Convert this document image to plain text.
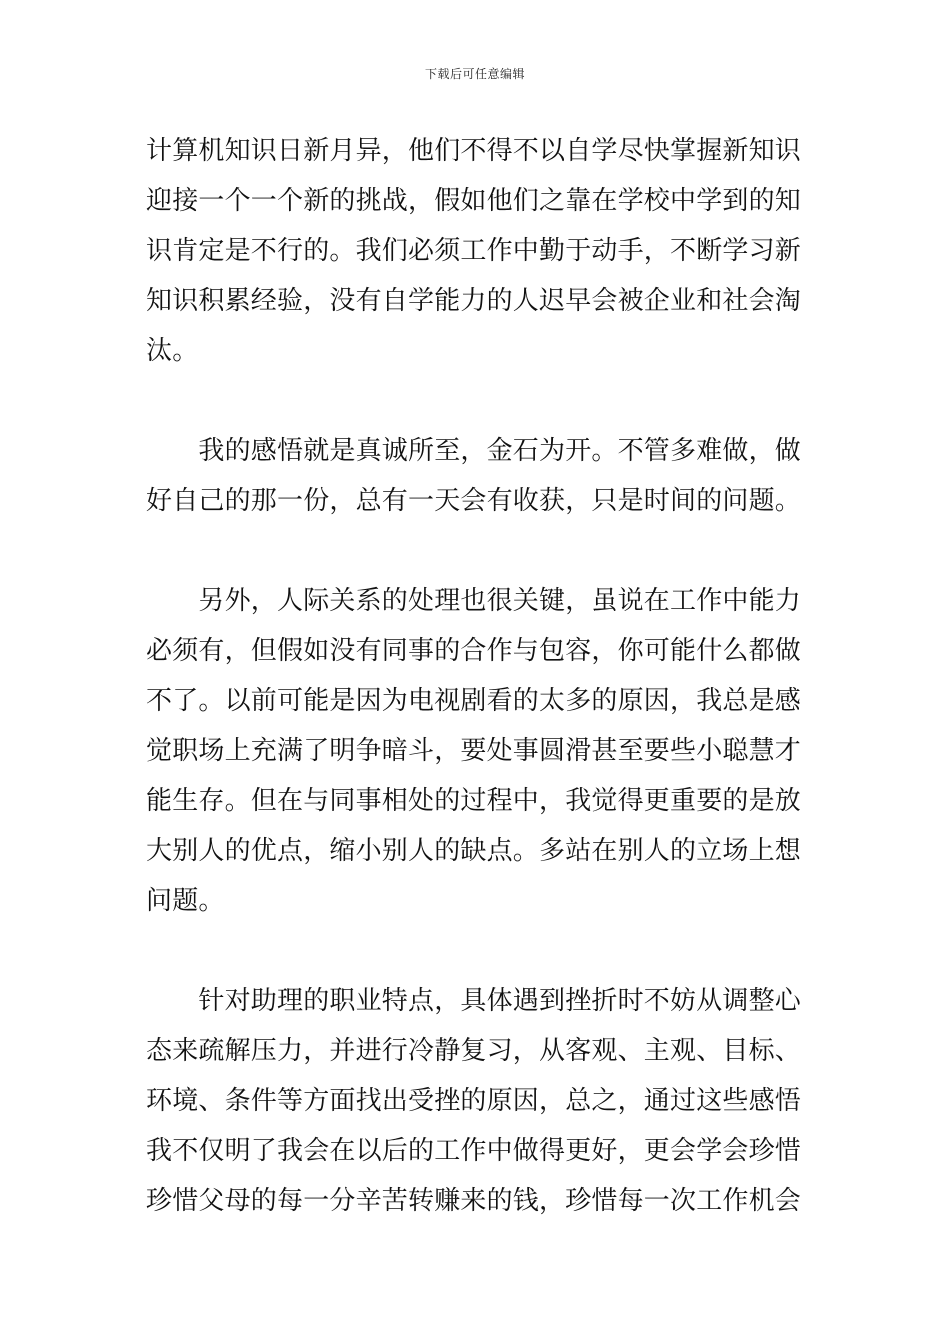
下载后可任意编辑
计算机知识日新月异，他们不得不以自学尽快掌握新知识
迎接一个一个新的挑战，假如他们之靠在学校中学到的知
识肯定是不行的。我们必须工作中勤于动手，不断学习新
知识积累经验，没有自学能力的人迟早会被企业和社会淘
汰。
　　我的感悟就是真诚所至，金石为开。不管多难做，做
好自己的那一份，总有一天会有收获，只是时间的问题。
　　另外，人际关系的处理也很关键，虽说在工作中能力
必须有，但假如没有同事的合作与包容，你可能什么都做
不了。以前可能是因为电视剧看的太多的原因，我总是感
觉职场上充满了明争暗斗，要处事圆滑甚至要些小聪慧才
能生存。但在与同事相处的过程中，我觉得更重要的是放
大别人的优点，缩小别人的缺点。多站在别人的立场上想
问题。
　　针对助理的职业特点，具体遇到挫折时不妨从调整心
态来疏解压力，并进行冷静复习，从客观、主观、目标、
环境、条件等方面找出受挫的原因，总之，通过这些感悟
我不仅明了我会在以后的工作中做得更好，更会学会珍惜
珍惜父母的每一分辛苦转赚来的钱，珍惜每一次工作机会
